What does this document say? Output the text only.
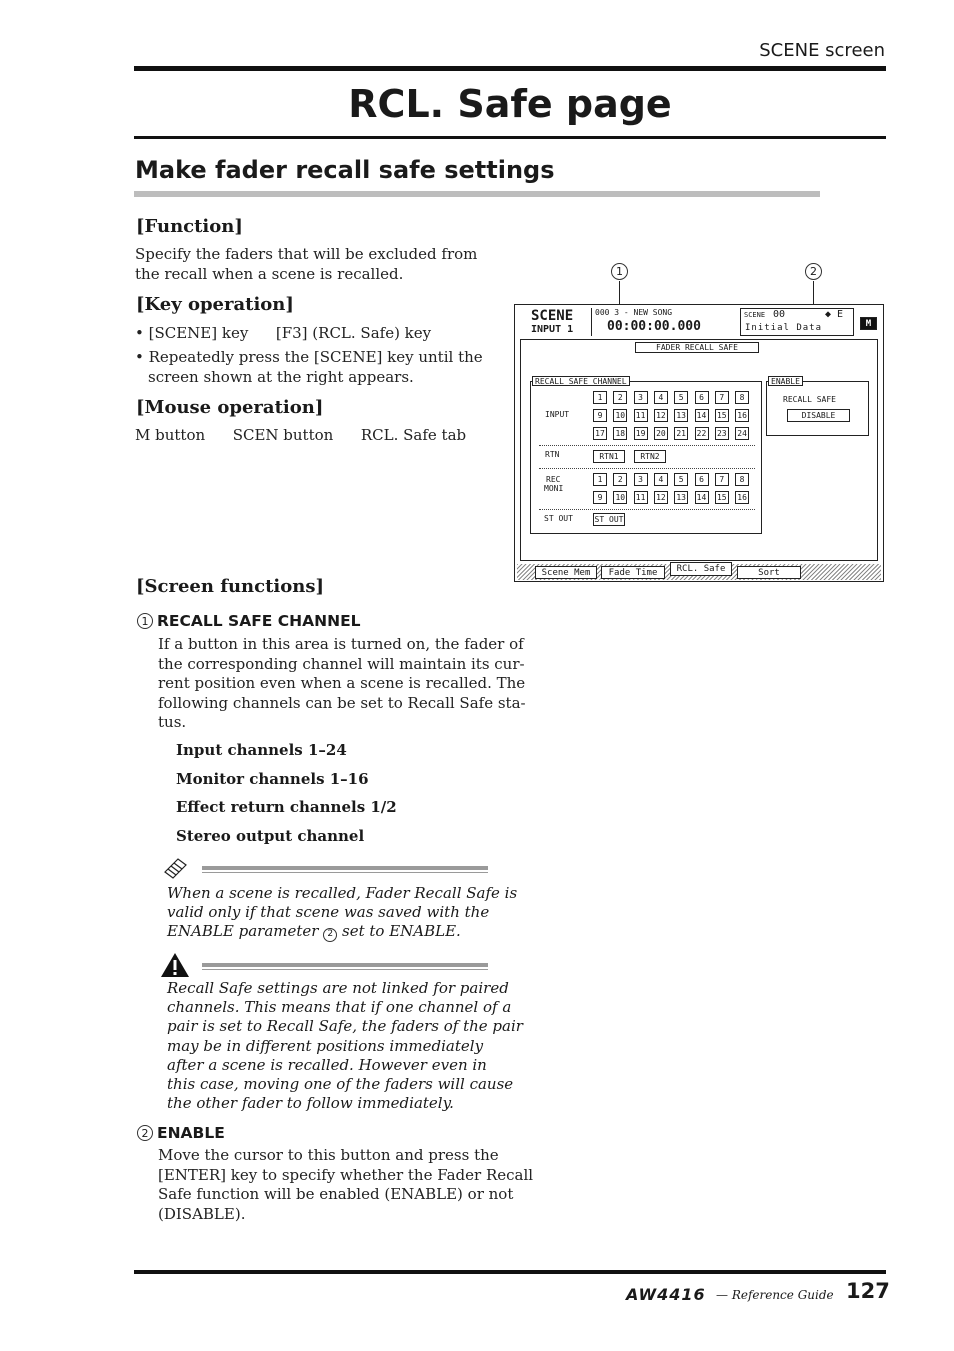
SCENE screen
RCL. Safe page
Make fader recall safe settings
[Function]
Specify the faders that will be excluded from
the recall when a scene is recalled.
[Key operation]
• [SCENE] key [F3] (RCL. Safe) key
• Repeatedly press the [SCENE] key until the
screen shown at the right appears.
[Mouse operation]
M button SCEN button RCL. Safe tab
[Screen functions]
1 RECALL SAFE CHANNEL
If a button in this area is turned on, the fader of
the corresponding channel will maintain its cur-
rent position even when a scene is recalled. The
following channels can be set to Recall Safe sta-
tus.
Input channels 1–24
Monitor channels 1–16
Effect return channels 1/2
Stereo output channel
When a scene is recalled, Fader Recall Safe is
valid only if that scene was saved with the
ENABLE parameter 2 set to ENABLE.
Recall Safe settings are not linked for paired
channels. This means that if one channel of a
pair is set to Recall Safe, the faders of the pair
may be in different positions immediately
after a scene is recalled. However even in
this case, moving one of the faders will cause
the other fader to follow immediately.
2 ENABLE
Move the cursor to this button and press the
[ENTER] key to specify whether the Fader Recall
Safe function will be enabled (ENABLE) or not
(DISABLE).
1	2
SCENE
INPUT 1
000 3 - NEW SONG
00:00:00.000
SCENE 00	◆ E
Initial Data	M
FADER RECALL SAFE
RECALL SAFE CHANNEL
INPUT
RTN	RTN1	RTN2
REC
MONI
ST OUT	ST OUT
ENABLE
RECALL SAFE
DISABLE
Scene Mem	Fade Time	RCL. Safe	Sort
1	2	3	4	5	6	7	8
9	10 11 12 13 14 15 16
17 18 19 20 21 22 23 24
1	2	3	4	5	6	7	8
9	10 11 12 13 14 15 16
AW4416 — Reference Guide 127
